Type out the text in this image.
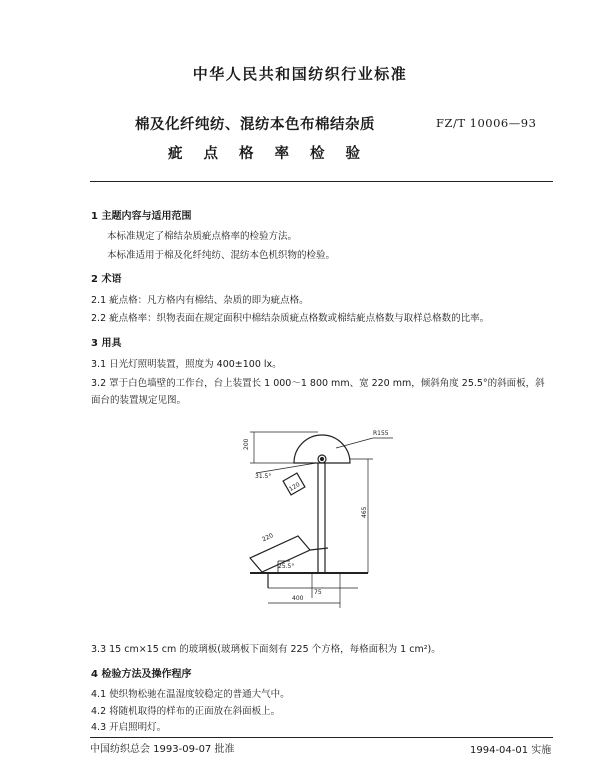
中华人民共和国纺织行业标准
棉及化纤纯纺、混纺本色布棉结杂质
疵点格率检验
FZ/T 10006—93
1 主题内容与适用范围
本标准规定了棉结杂质疵点格率的检验方法。
本标准适用于棉及化纤纯纺、混纺本色机织物的检验。
2 术语
2.1 疵点格：凡方格内有棉结、杂质的即为疵点格。
2.2 疵点格率：织物表面在规定面积中棉结杂质疵点格数或棉结疵点格数与取样总格数的比率。
3 用具
3.1 日光灯照明装置，照度为 400±100 lx。
3.2 罩于白色墙壁的工作台，台上装置长 1 000～1 800 mm、宽 220 mm，倾斜角度 25.5°的斜面板，斜
面台的装置规定见图。
R155
200
31.5°
120
465
220
25.5°
75
400
3.3 15 cm×15 cm 的玻璃板(玻璃板下面刻有 225 个方格，每格面积为 1 cm²)。
4 检验方法及操作程序
4.1 使织物松驰在温湿度较稳定的普通大气中。
4.2 将随机取得的样布的正面放在斜面板上。
4.3 开启照明灯。
中国纺织总会 1993-09-07 批准	1994-04-01 实施
